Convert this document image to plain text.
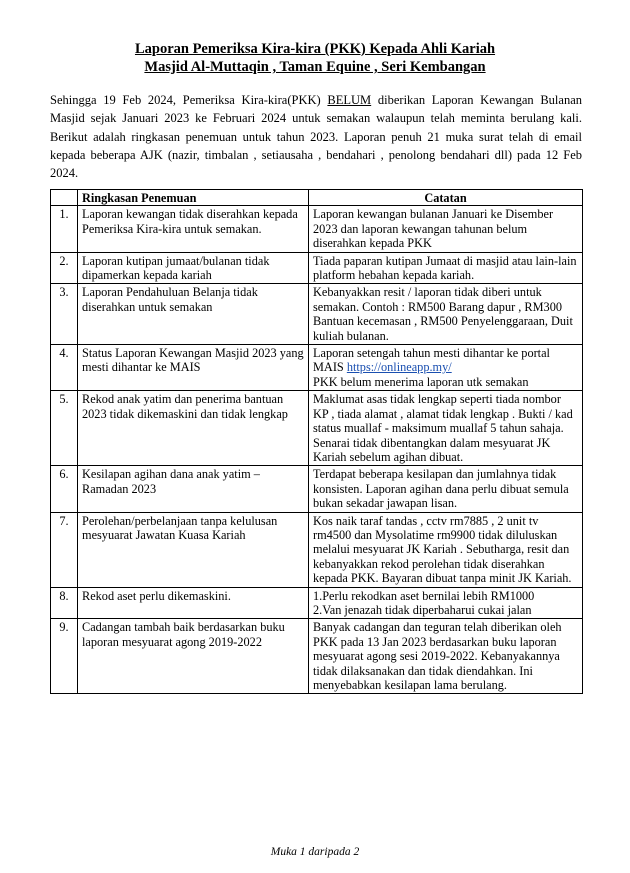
Laporan Pemeriksa Kira-kira (PKK) Kepada Ahli Kariah
Masjid Al-Muttaqin , Taman Equine , Seri Kembangan
Sehingga 19 Feb 2024, Pemeriksa Kira-kira(PKK) BELUM diberikan Laporan Kewangan Bulanan Masjid sejak Januari 2023 ke Februari 2024 untuk semakan walaupun telah meminta berulang kali. Berikut adalah ringkasan penemuan untuk tahun 2023. Laporan penuh 21 muka surat telah di email kepada beberapa AJK (nazir, timbalan , setiausaha , bendahari , penolong bendahari dll) pada 12 Feb 2024.
	Ringkasan Penemuan	Catatan
1.	Laporan kewangan tidak diserahkan kepada Pemeriksa Kira-kira untuk semakan.	Laporan kewangan bulanan Januari ke Disember 2023 dan laporan kewangan tahunan belum diserahkan kepada PKK
2.	Laporan kutipan jumaat/bulanan tidak dipamerkan kepada kariah	Tiada paparan kutipan Jumaat di masjid atau lain-lain platform hebahan kepada kariah.
3.	Laporan Pendahuluan Belanja tidak diserahkan untuk semakan	Kebanyakkan resit / laporan tidak diberi untuk semakan. Contoh : RM500 Barang dapur , RM300 Bantuan kecemasan , RM500 Penyelenggaraan, Duit kuliah bulanan.
4.	Status Laporan Kewangan Masjid 2023 yang mesti dihantar ke MAIS	Laporan setengah tahun mesti dihantar ke portal MAIS https://onlineapp.my/
PKK belum menerima laporan utk semakan
5.	Rekod anak yatim dan penerima bantuan 2023 tidak dikemaskini dan tidak lengkap	Maklumat asas tidak lengkap seperti tiada nombor KP , tiada alamat , alamat tidak lengkap . Bukti / kad status muallaf - maksimum muallaf 5 tahun sahaja. Senarai tidak dibentangkan dalam mesyuarat JK Kariah sebelum agihan dibuat.
6.	Kesilapan agihan dana anak yatim – Ramadan 2023	Terdapat beberapa kesilapan dan jumlahnya tidak konsisten. Laporan agihan dana perlu dibuat semula bukan sekadar jawapan lisan.
7.	Perolehan/perbelanjaan tanpa kelulusan mesyuarat Jawatan Kuasa Kariah	Kos naik taraf tandas , cctv rm7885 , 2 unit tv rm4500 dan Mysolatime rm9900 tidak diluluskan melalui mesyuarat JK Kariah . Sebutharga, resit dan kebanyakkan rekod perolehan tidak diserahkan kepada PKK. Bayaran dibuat tanpa minit JK Kariah.
8.	Rekod aset perlu dikemaskini.	1.Perlu rekodkan aset bernilai lebih RM1000
2.Van jenazah tidak diperbaharui cukai jalan
9.	Cadangan tambah baik berdasarkan buku laporan mesyuarat agong 2019-2022	Banyak cadangan dan teguran telah diberikan oleh PKK pada 13 Jan 2023 berdasarkan buku laporan mesyuarat agong sesi 2019-2022. Kebanyakannya tidak dilaksanakan dan tidak diendahkan. Ini menyebabkan kesilapan lama berulang.
Muka 1 daripada 2
